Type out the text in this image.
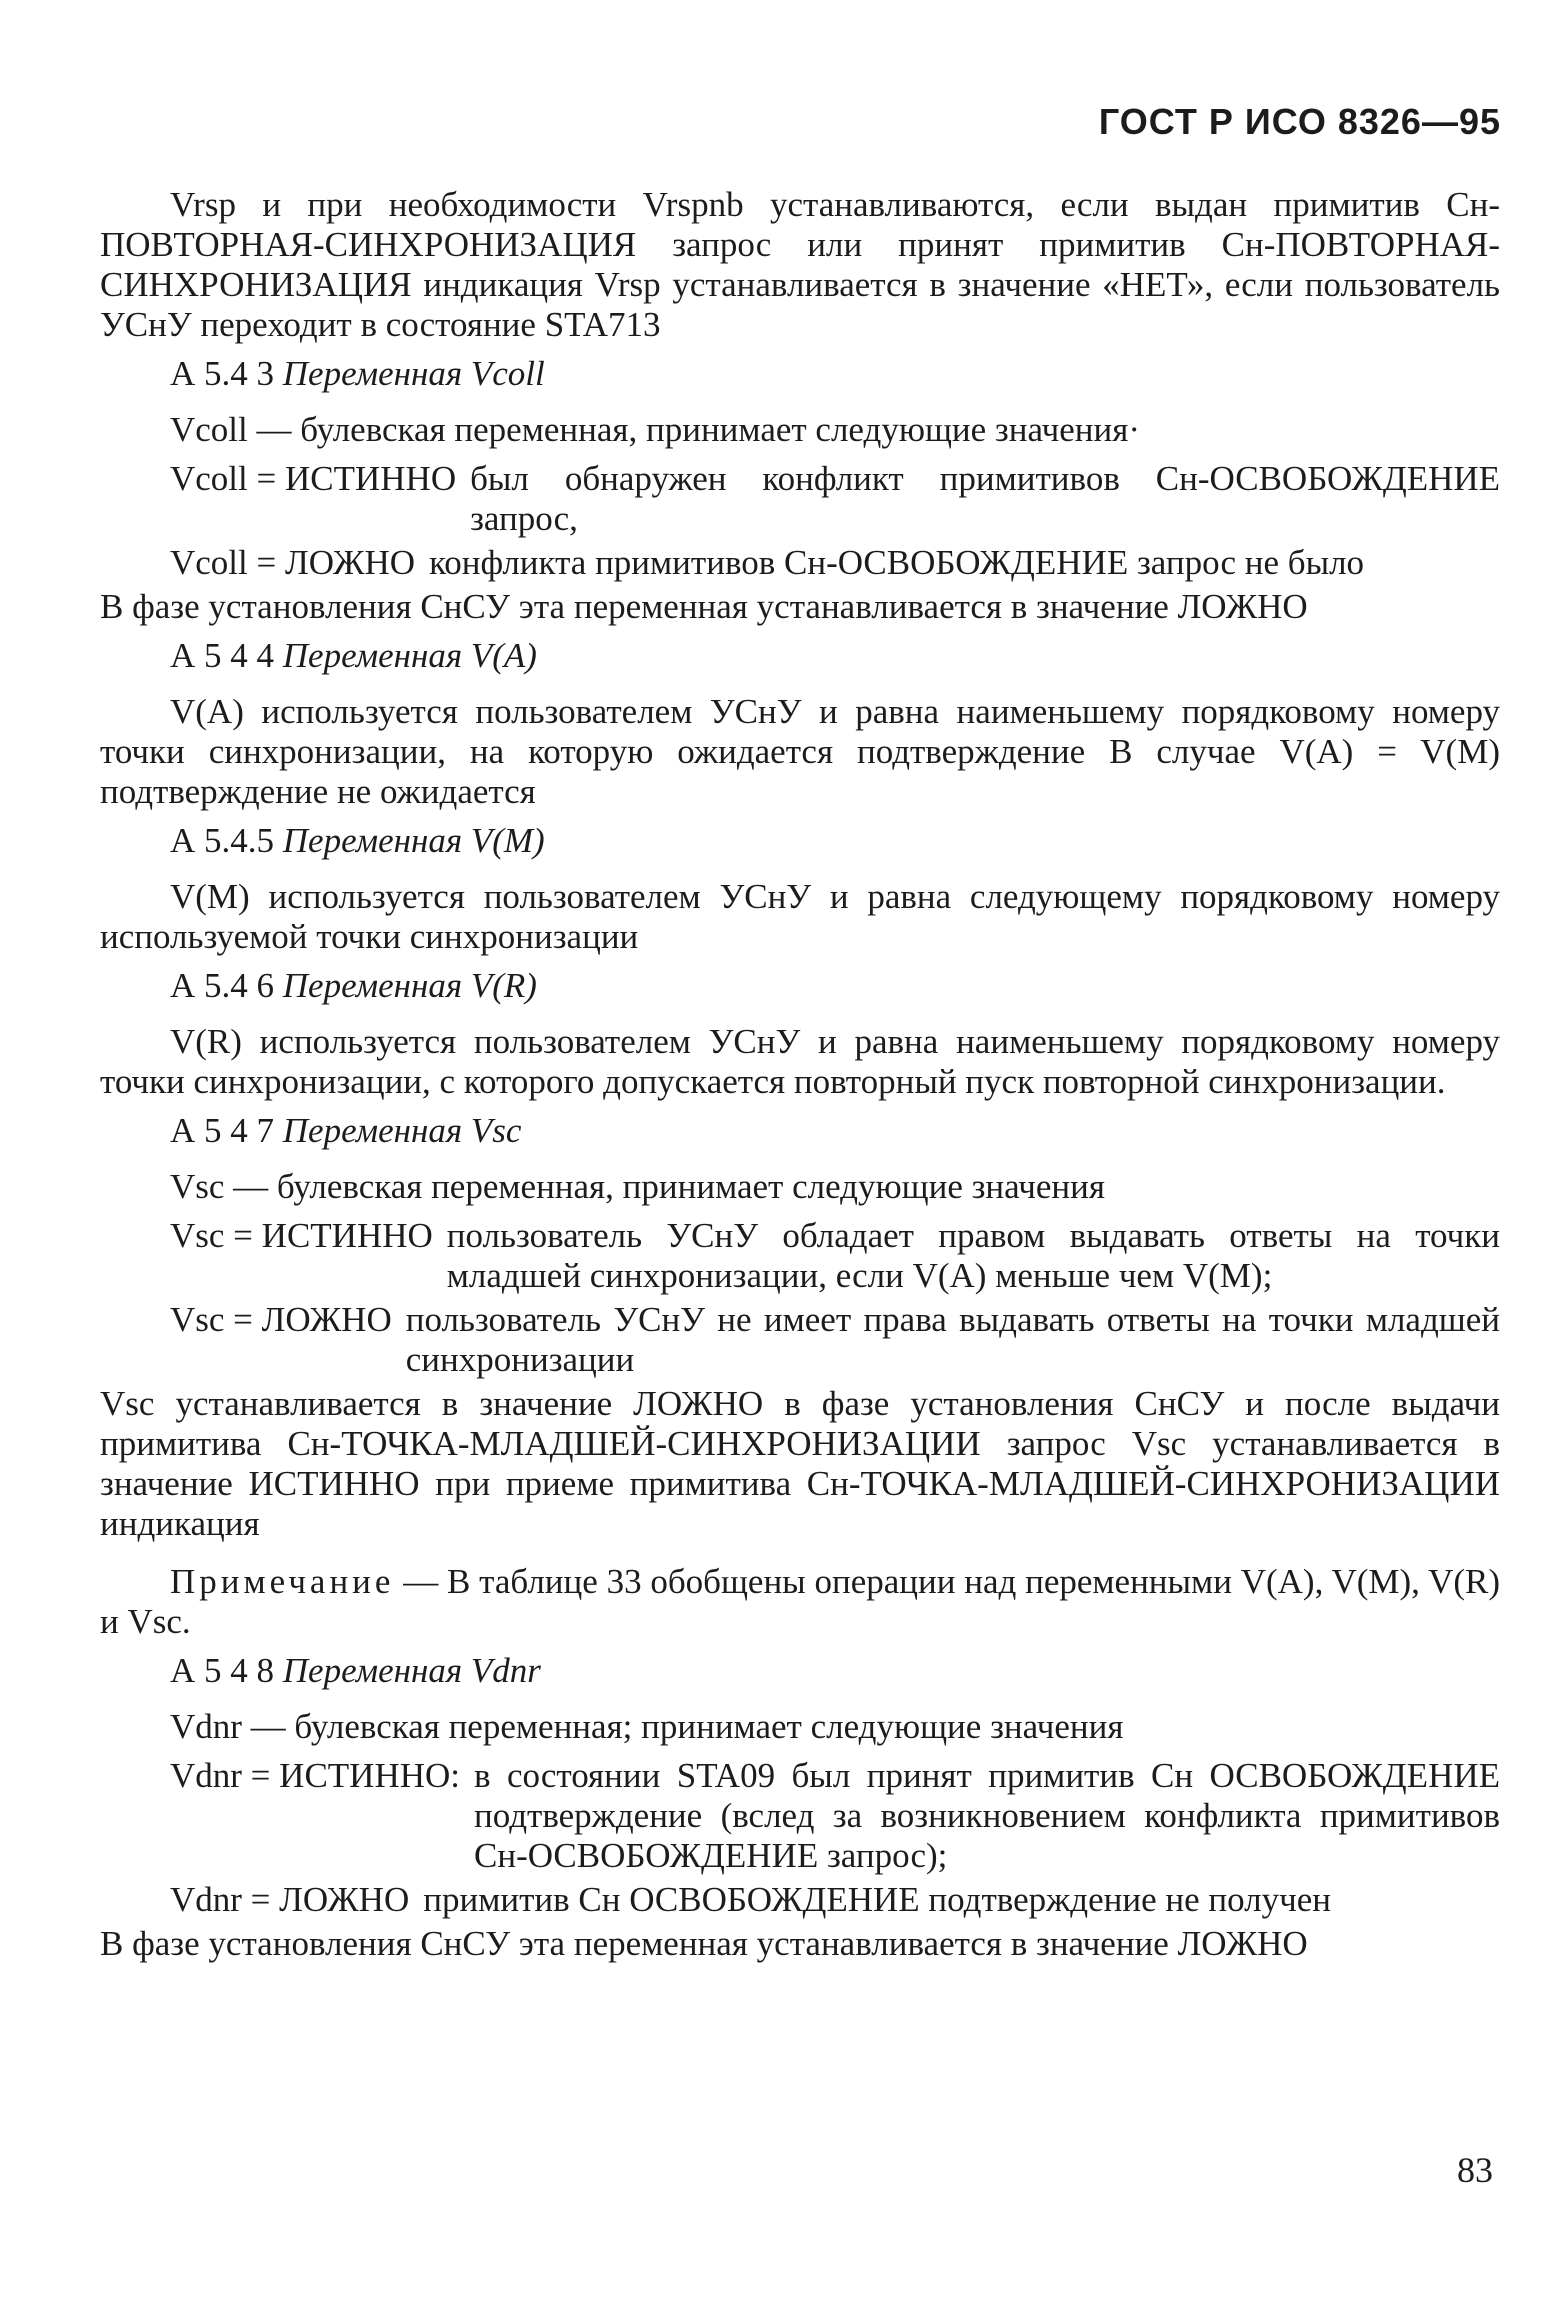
ГОСТ Р ИСО 8326—95

Vrsp и при необходимости Vrspnb устанавливаются, если выдан примитив Сн-ПОВТОРНАЯ-СИНХРОНИЗАЦИЯ запрос или принят примитив Сн-ПОВТОРНАЯ-СИНХРОНИЗАЦИЯ индикация Vrsp устанавливается в значение «НЕТ», если пользователь УСнУ переходит в состояние STA713

А 5.4 3 Переменная Vcoll

Vcoll — булевская переменная, принимает следующие значения·

Vcoll = ИСТИННО был обнаружен конфликт примитивов Сн-ОСВОБОЖДЕНИЕ запрос,
Vcoll = ЛОЖНО конфликта примитивов Сн-ОСВОБОЖДЕНИЕ запрос не было

В фазе установления СнСУ эта переменная устанавливается в значение ЛОЖНО

А 5 4 4 Переменная V(A)

V(A) используется пользователем УСнУ и равна наименьшему порядковому номеру точки синхронизации, на которую ожидается подтверждение В случае V(A) = V(M) подтверждение не ожидается

А 5.4.5 Переменная V(M)

V(M) используется пользователем УСнУ и равна следующему порядковому номеру используемой точки синхронизации

А 5.4 6 Переменная V(R)

V(R) используется пользователем УСнУ и равна наименьшему порядковому номеру точки синхронизации, с которого допускается повторный пуск повторной синхронизации.

А 5 4 7 Переменная Vsc

Vsc — булевская переменная, принимает следующие значения

Vsc = ИСТИННО пользователь УСнУ обладает правом выдавать ответы на точки младшей синхронизации, если V(A) меньше чем V(M);
Vsc = ЛОЖНО пользователь УСнУ не имеет права выдавать ответы на точки младшей синхронизации

Vsc устанавливается в значение ЛОЖНО в фазе установления СнСУ и после выдачи примитива Сн-ТОЧКА-МЛАДШЕЙ-СИНХРОНИЗАЦИИ запрос Vsc устанавливается в значение ИСТИННО при приеме примитива Сн-ТОЧКА-МЛАДШЕЙ-СИНХРОНИЗАЦИИ индикация

Примечание — В таблице 33 обобщены операции над переменными V(A), V(M), V(R) и Vsc.

А 5 4 8 Переменная Vdnr

Vdnr — булевская переменная; принимает следующие значения

Vdnr = ИСТИННО: в состоянии STA09 был принят примитив Сн ОСВОБОЖДЕНИЕ подтверждение (вслед за возникновением конфликта примитивов Сн-ОСВОБОЖДЕНИЕ запрос);
Vdnr = ЛОЖНО примитив Сн ОСВОБОЖДЕНИЕ подтверждение не получен

В фазе установления СнСУ эта переменная устанавливается в значение ЛОЖНО

83
